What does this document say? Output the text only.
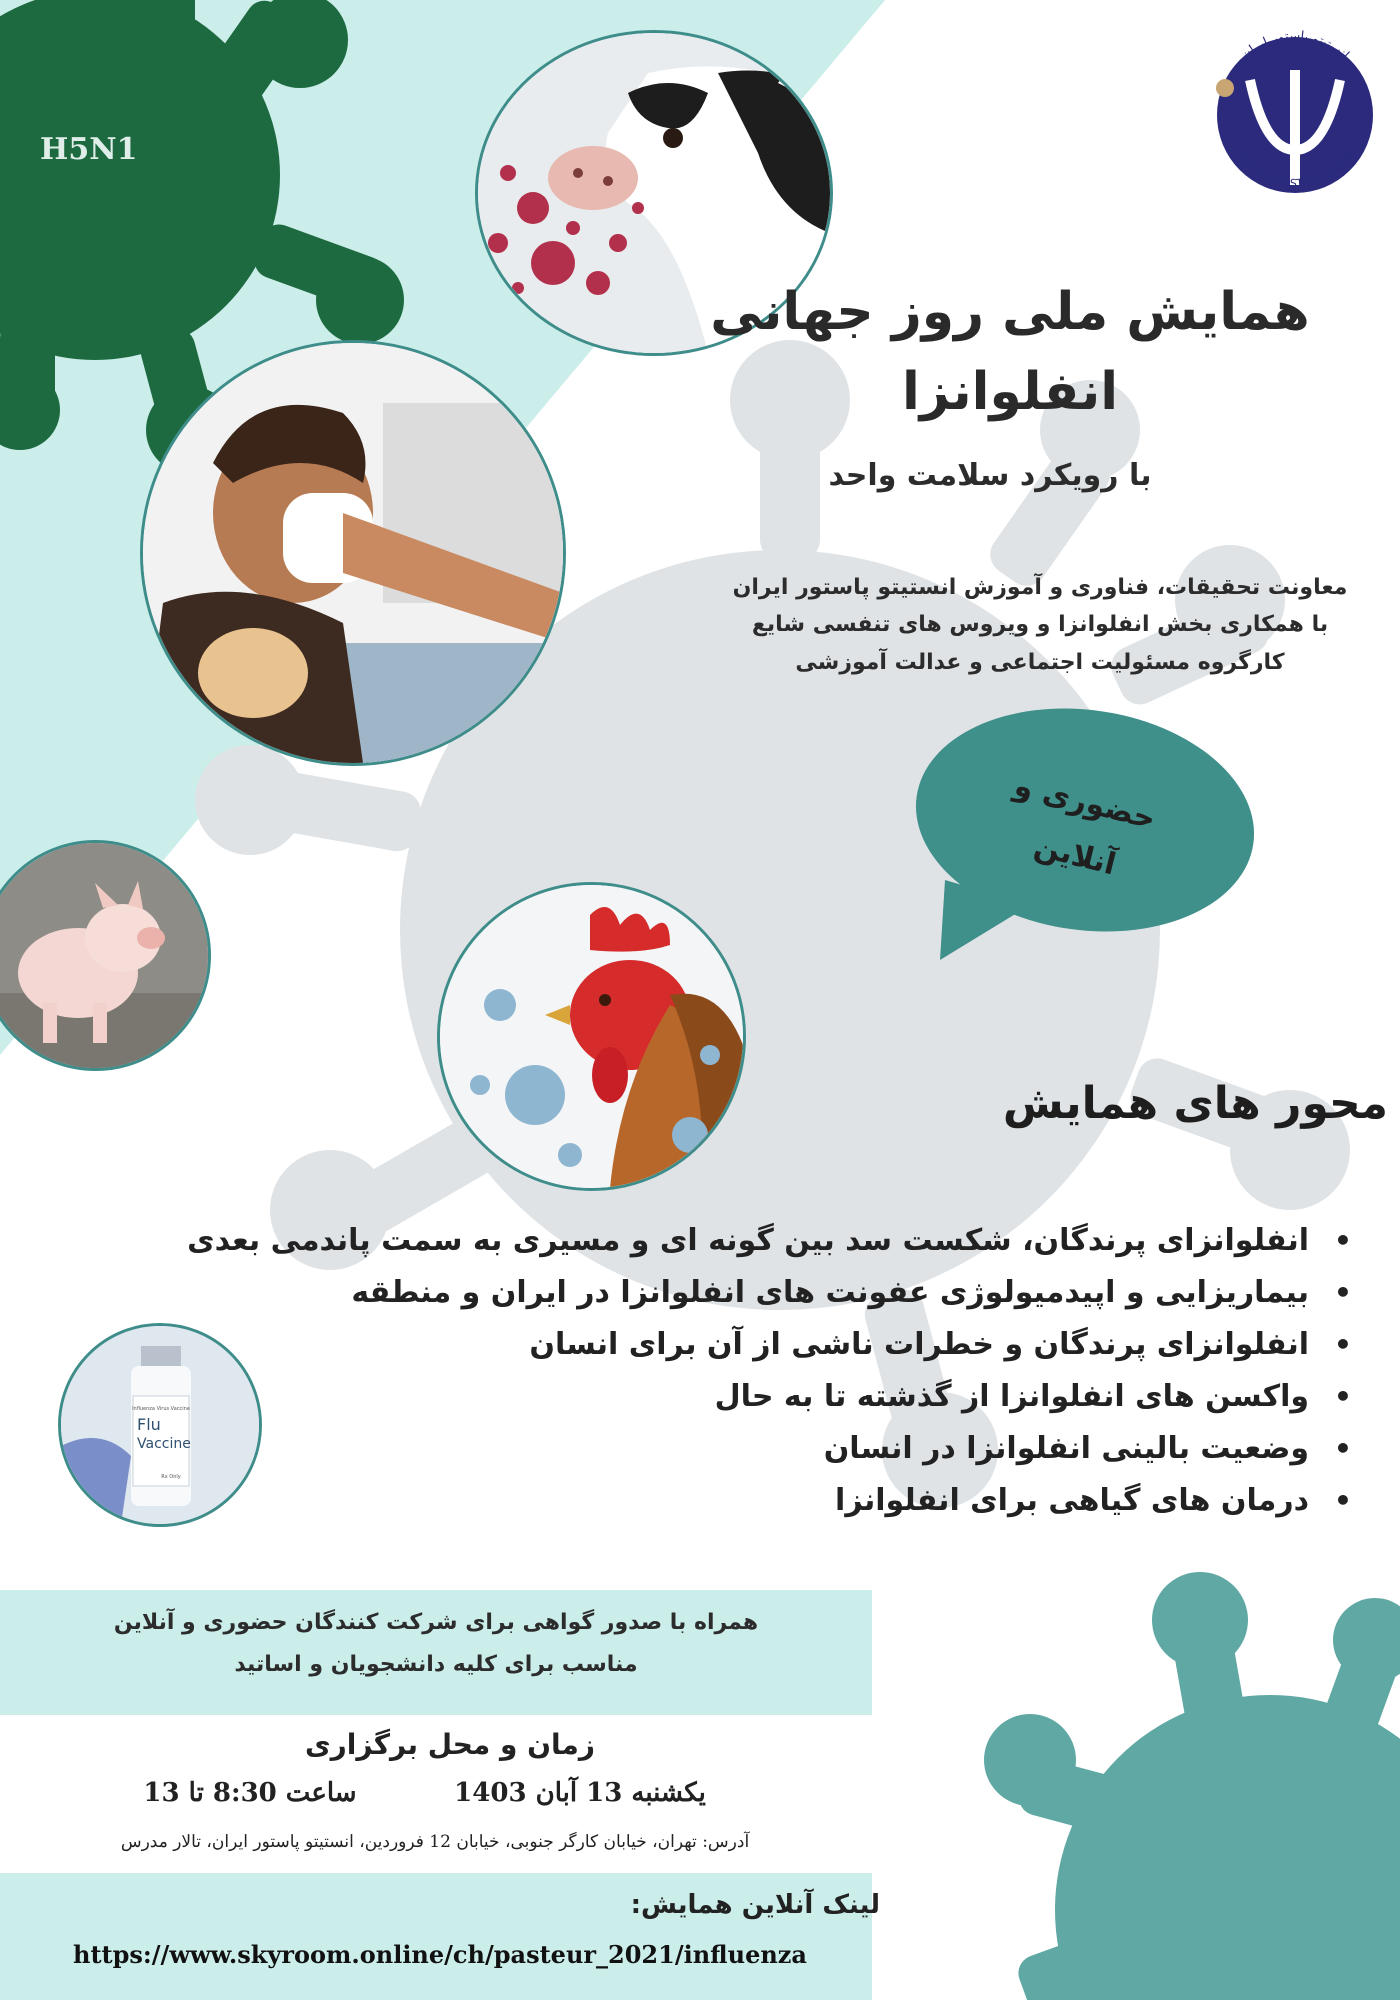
H5N1
انستیتو پاستور ایران
INSTITUT PASTEUR D'IRAN
Influenza Virus Vaccine
Flu
Vaccine
Rx Only
همایش ملی روز جهانی
انفلوانزا
با رویکرد سلامت واحد
معاونت تحقیقات، فناوری و آموزش انستیتو پاستور ایران
با همکاری بخش انفلوانزا و ویروس های تنفسی شایع
کارگروه مسئولیت اجتماعی و عدالت آموزشی
حضوری و
آنلاین
محور های همایش
•انفلوانزای پرندگان، شکست سد بین گونه ای و مسیری به سمت پاندمی بعدی
•بیماریزایی و اپیدمیولوژی عفونت های انفلوانزا در ایران و منطقه
•انفلوانزای پرندگان و خطرات ناشی از آن برای انسان
•واکسن های انفلوانزا از گذشته تا به حال
•وضعیت بالینی انفلوانزا در انسان
•درمان های گیاهی برای انفلوانزا
همراه با صدور گواهی برای شرکت کنندگان حضوری و آنلاین
مناسب برای کلیه دانشجویان و اساتید
زمان و محل برگزاری
یکشنبه 13 آبان 1403
ساعت 8:30 تا 13
آدرس: تهران، خیابان کارگر جنوبی، خیابان 12 فروردین، انستیتو پاستور ایران، تالار مدرس
لینک آنلاین همایش:
https://www.skyroom.online/ch/pasteur_2021/influenza
